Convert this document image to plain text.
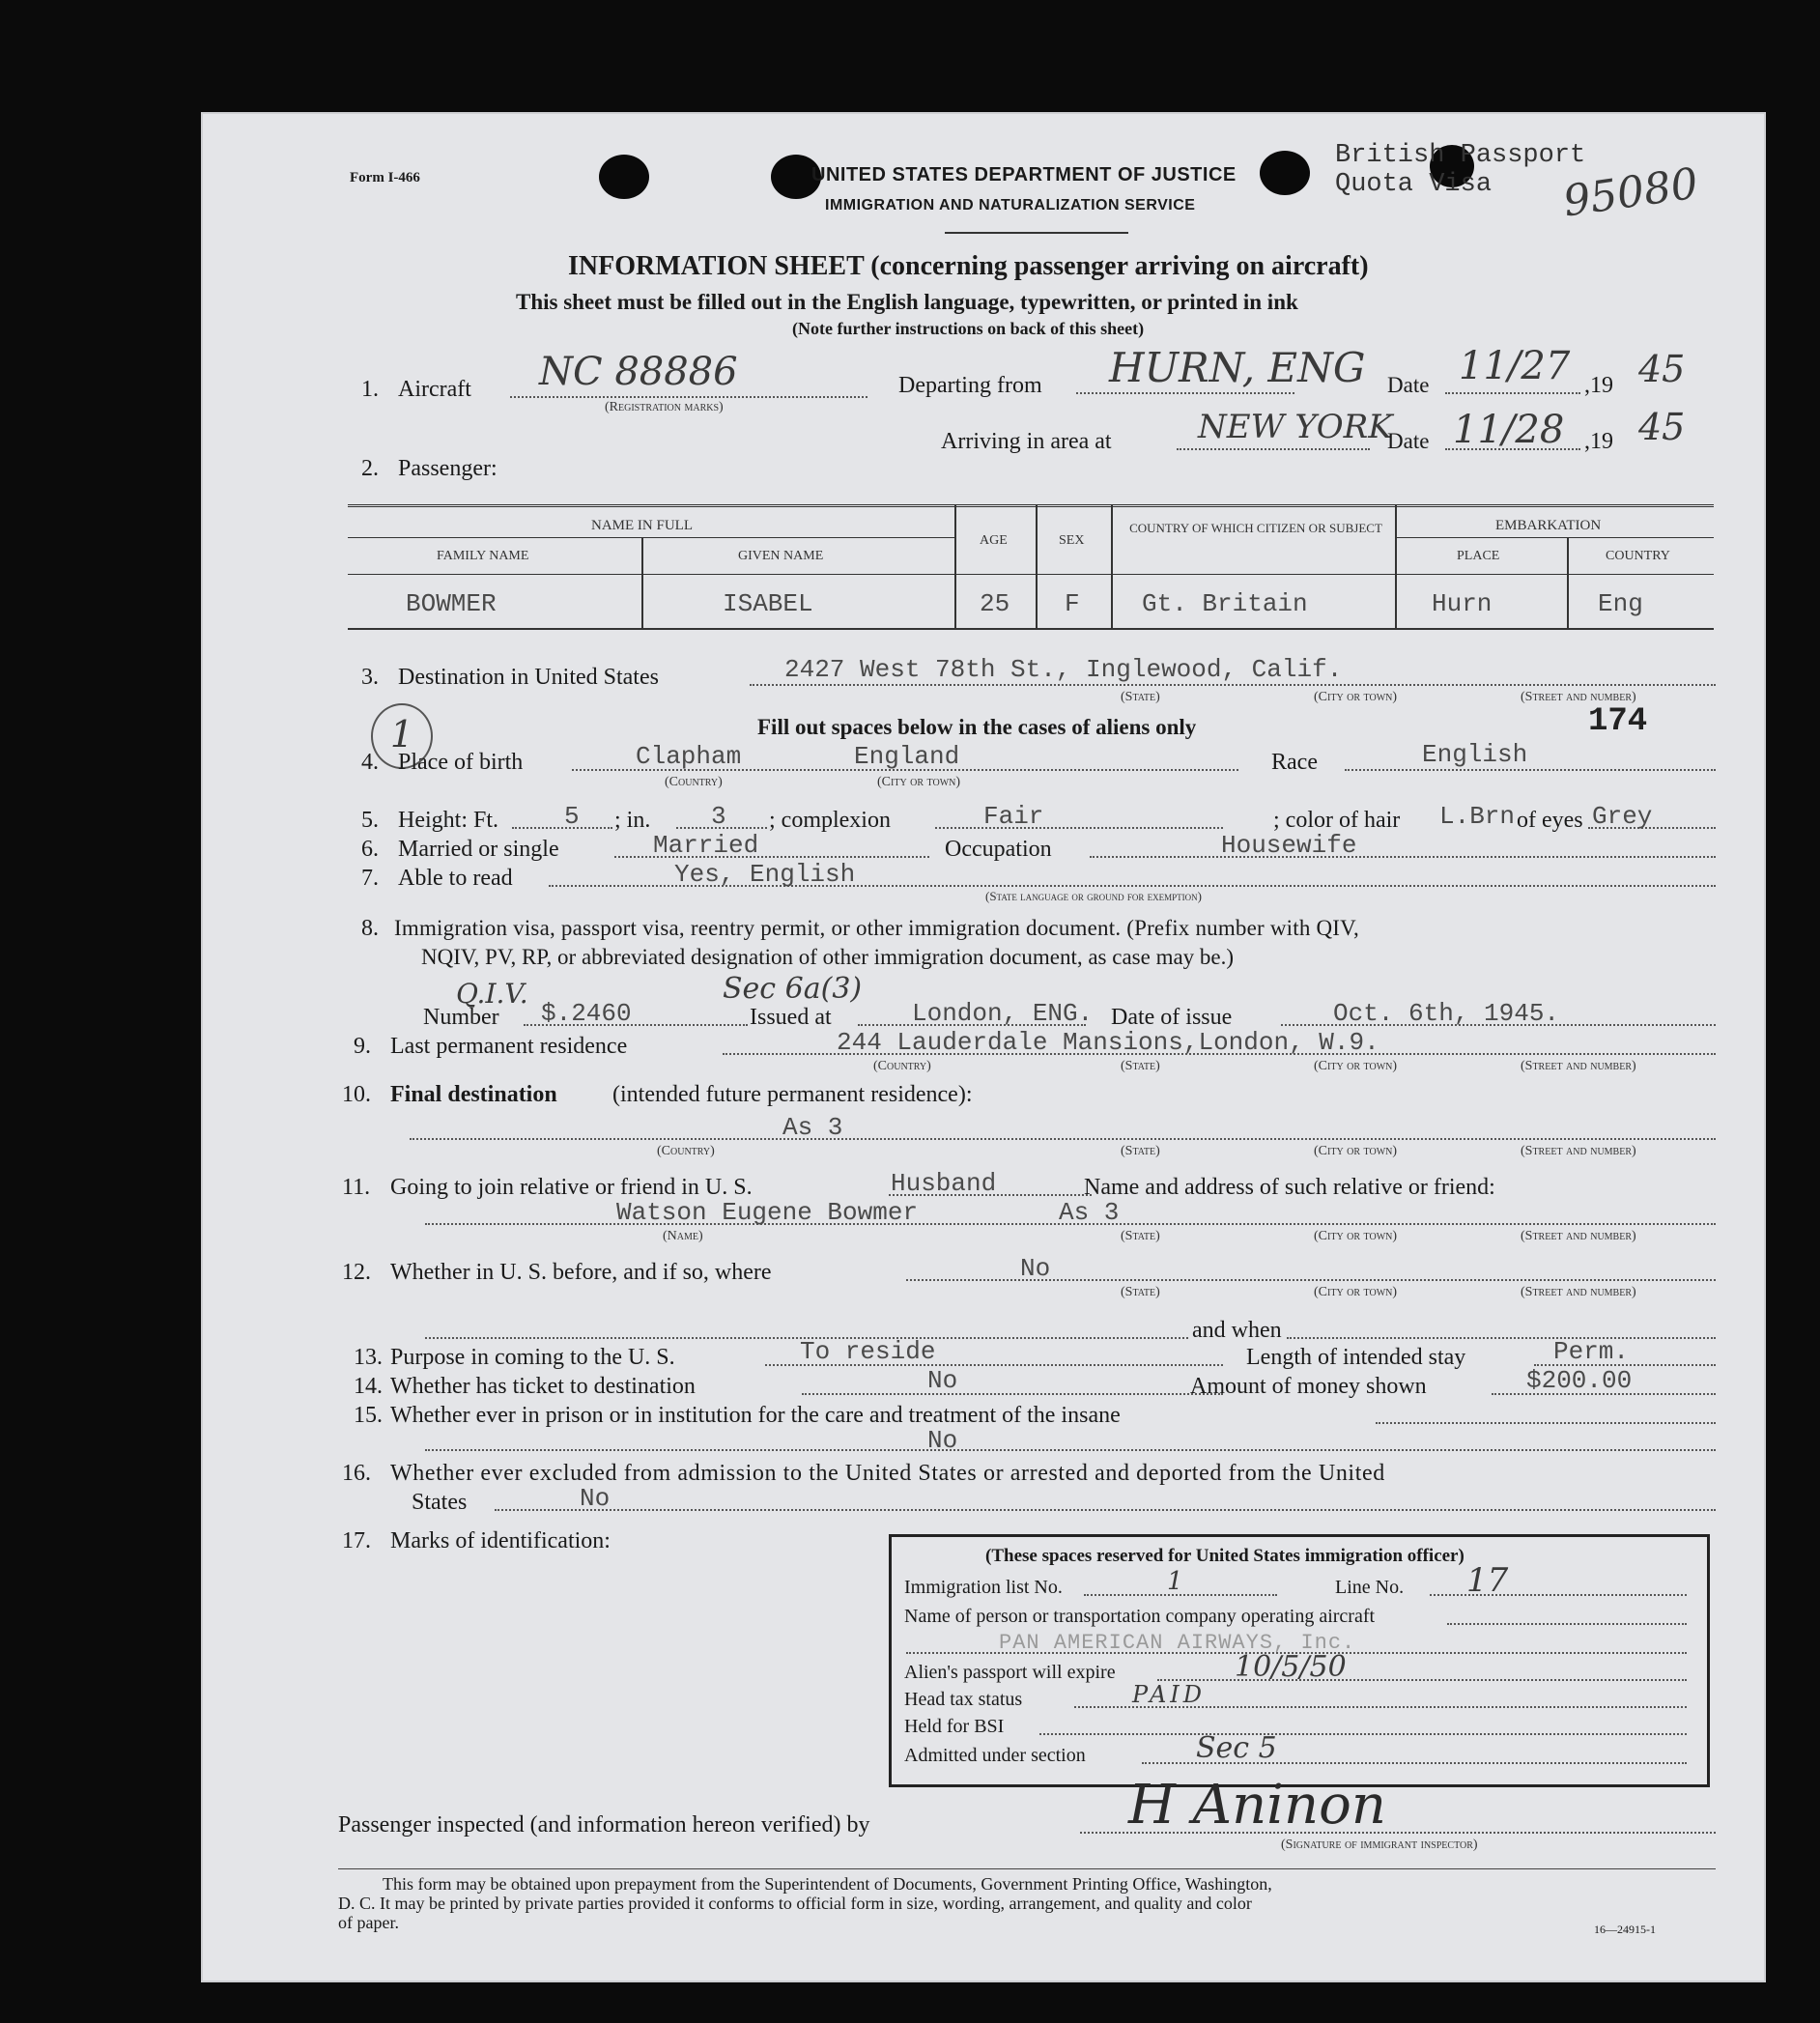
Form I-466	UNITED STATES DEPARTMENT OF JUSTICE
IMMIGRATION AND NATURALIZATION SERVICE
British Passport
Quota Visa 95080
INFORMATION SHEET (concerning passenger arriving on aircraft)
This sheet must be filled out in the English language, typewritten, or printed in ink
(Note further instructions on back of this sheet)
1. Aircraft NC 88886
(Registration marks)
Departing from HURN, ENG Date 11/27 ,19 45
Arriving in area at	NEW YORK
Date 11/28 ,19 45
2. Passenger:
NAME IN FULL
FAMILY NAME	GIVEN NAME
AGE	SEX
COUNTRY OF WHICH CITIZEN OR SUBJECT	EMBARKATION
PLACE	COUNTRY
BOWMER	ISABEL	25 F Gt. Britain	Hurn	Eng
3. Destination in United States	2427 West 78th St., Inglewood, Calif.
(State)	(City or town)	(Street and number)
Fill out spaces below in the cases of aliens only	174
1
4. Place of birth	Clapham	England
(Country)	(City or town)
Race	English
5. Height: Ft.	5 ; in. 3 ; complexion	Fair	; color of hair L.Brn of eyes Grey
6. Married or single	Married	Occupation	Housewife
7. Able to read	Yes, English
(State language or ground for exemption)
8. Immigration visa, passport visa, reentry permit, or other immigration document. (Prefix number with QIV,
NQIV, PV, RP, or abbreviated designation of other immigration document, as case may be.)
Q.I.V.	Sec 6a(3)
Number $.2460	Issued at	London, ENG. Date of issue	Oct. 6th, 1945.
9. Last permanent residence	244 Lauderdale Mansions,London, W.9.
(Country)	(State)	(City or town)	(Street and number)
10. Final destination (intended future permanent residence):
As 3
(Country)	(State)	(City or town)	(Street and number)
11. Going to join relative or friend in U. S.	Husband	Name and address of such relative or friend:
Watson Eugene Bowmer	As 3
(Name)	(State)	(City or town)	(Street and number)
12. Whether in U. S. before, and if so, where	No
(State)	(City or town)	(Street and number)
and when
13. Purpose in coming to the U. S.	To reside	Length of intended stay	Perm.
14. Whether has ticket to destination	No	Amount of money shown	$200.00
15. Whether ever in prison or in institution for the care and treatment of the insane
No
16. Whether ever excluded from admission to the United States or arrested and deported from the United
States	No
17. Marks of identification:
(These spaces reserved for United States immigration officer)
Immigration list No.	1	Line No. 17
Name of person or transportation company operating aircraft
PAN AMERICAN AIRWAYS, Inc.
Alien's passport will expire	10/5/50
Head tax status	PAID
Held for BSI
Admitted under section	Sec 5
Passenger inspected (and information hereon verified) by	H Aninon
(Signature of immigrant inspector)
This form may be obtained upon prepayment from the Superintendent of Documents, Government Printing Office, Washington,
D. C. It may be printed by private parties provided it conforms to official form in size, wording, arrangement, and quality and color
of paper.	16—24915-1
